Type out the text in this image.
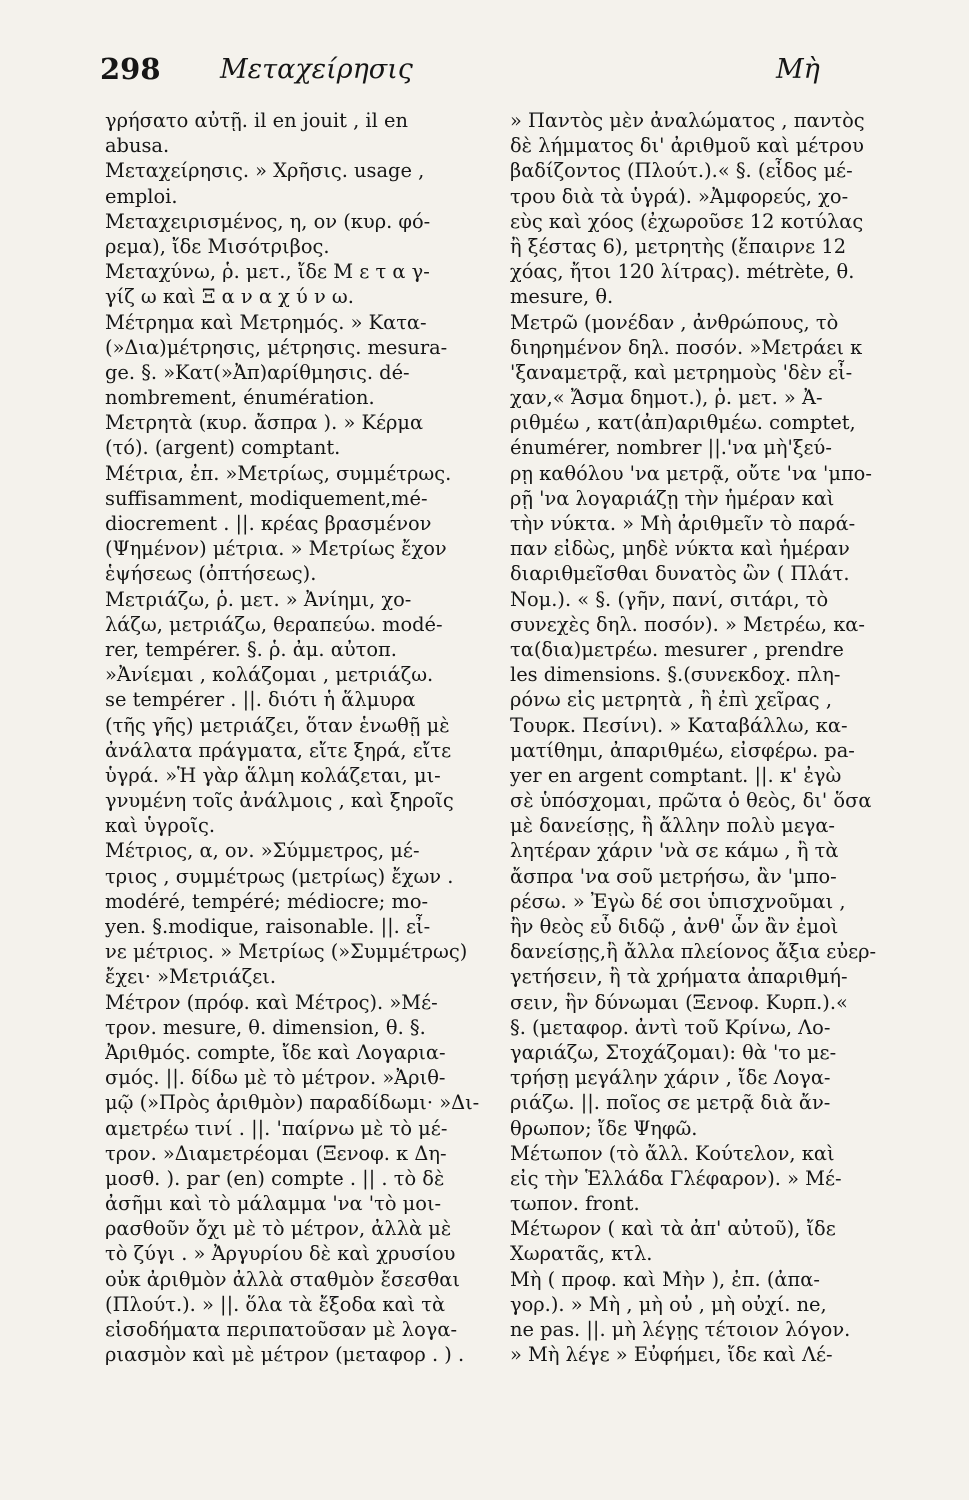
298 Μεταχείρησις	Μὴ
γρήσατο αὐτῇ. il en jouit , il en
abusa.
Μεταχείρησις. » Χρῆσις. usage ,
emploi.
Μεταχειρισμένος, η, ον (κυρ. φό-
ρεμα), ἴδε Μισότριβος.
Μεταχύνω, ῥ. μετ., ἴδε Μ ε τ α γ-
γίζ ω καὶ Ξ α ν α χ ύ ν ω.
Μέτρημα καὶ Μετρημός. » Κατα-
(»Δια)μέτρησις, μέτρησις. mesura-
ge. §. »Κατ(»Ἀπ)αρίθμησις. dé-
nombrement, énumération.
Μετρητὰ (κυρ. ἄσπρα ). » Κέρμα
(τό). (argent) comptant.
Μέτρια, ἐπ. »Μετρίως, συμμέτρως.
suffisamment, modiquement,mé-
diocrement . ||. κρέας βρασμένον
(Ψημένον) μέτρια. » Μετρίως ἔχον
ἑψήσεως (ὀπτήσεως).
Μετριάζω, ῥ. μετ. » Ἀνίημι, χο-
λάζω, μετριάζω, θεραπεύω. modé-
rer, tempérer. §. ῥ. ἀμ. αὐτοπ.
»Ἀνίεμαι , κολάζομαι , μετριάζω.
se tempérer . ||. διότι ἡ ἅλμυρα
(τῆς γῆς) μετριάζει, ὅταν ἑνωθῇ μὲ
ἀνάλατα πράγματα, εἴτε ξηρά, εἴτε
ὑγρά. »Ἡ γὰρ ἅλμη κολάζεται, μι-
γνυμένη τοῖς ἀνάλμοις , καὶ ξηροῖς
καὶ ὑγροῖς.
Μέτριος, α, ον. »Σύμμετρος, μέ-
τριος , συμμέτρως (μετρίως) ἔχων .
modéré, tempéré; médiocre; mo-
yen. §.modique, raisonable. ||. εἶ-
νε μέτριος. » Μετρίως (»Συμμέτρως)
ἔχει· »Μετριάζει.
Μέτρον (πρόφ. καὶ Μέτρος). »Μέ-
τρον. mesure, θ. dimension, θ. §.
Ἀριθμός. compte, ἴδε καὶ Λογαρια-
σμός. ||. δίδω μὲ τὸ μέτρον. »Ἀριθ-
μῷ (»Πρὸς ἀριθμὸν) παραδίδωμι· »Δι-
αμετρέω τινί . ||. 'παίρνω μὲ τὸ μέ-
τρον. »Διαμετρέομαι (Ξενοφ. κ Δη-
μοσθ. ). par (en) compte . || . τὸ δὲ
ἀσῆμι καὶ τὸ μάλαμμα 'να 'τὸ μοι-
ρασθοῦν ὄχι μὲ τὸ μέτρον, ἀλλὰ μὲ
τὸ ζύγι . » Ἀργυρίου δὲ καὶ χρυσίου
οὐκ ἀριθμὸν ἀλλὰ σταθμὸν ἔσεσθαι
(Πλούτ.). » ||. ὅλα τὰ ἔξοδα καὶ τὰ
εἰσοδήματα περιπατοῦσαν μὲ λογα-
ριασμὸν καὶ μὲ μέτρον (μεταφορ . ) .
» Παντὸς μὲν ἀναλώματος , παντὸς
δὲ λήμματος δι' ἀριθμοῦ καὶ μέτρου
βαδίζοντος (Πλούτ.).« §. (εἶδος μέ-
τρου διὰ τὰ ὑγρά). »Ἀμφορεύς, χο-
εὺς καὶ χόος (ἐχωροῦσε 12 κοτύλας
ἢ ξέστας 6), μετρητὴς (ἔπαιρνε 12
χόας, ἤτοι 120 λίτρας). métrète, θ.
mesure, θ.
Μετρῶ (μονέδαν , ἀνθρώπους, τὸ
διηρημένον δηλ. ποσόν. »Μετράει κ
'ξαναμετρᾷ, καὶ μετρημοὺς 'δὲν εἶ-
χαν,« Ἄσμα δημοτ.), ῥ. μετ. » Ἀ-
ριθμέω , κατ(ἀπ)αριθμέω. comptet,
énumérer, nombrer ||.'να μὴ'ξεύ-
ρῃ καθόλου 'να μετρᾷ, οὔτε 'να 'μπο-
ρῇ 'να λογαριάζῃ τὴν ἡμέραν καὶ
τὴν νύκτα. » Μὴ ἀριθμεῖν τὸ παρά-
παν εἰδὼς, μηδὲ νύκτα καὶ ἡμέραν
διαριθμεῖσθαι δυνατὸς ὢν ( Πλάτ.
Νομ.). « §. (γῆν, πανί, σιτάρι, τὸ
συνεχὲς δηλ. ποσόν). » Μετρέω, κα-
τα(δια)μετρέω. mesurer , prendre
les dimensions. §.(συνεκδοχ. πλη-
ρόνω εἰς μετρητὰ , ἢ ἐπὶ χεῖρας ,
Τουρκ. Πεσίνι). » Καταβάλλω, κα-
ματίθημι, ἀπαριθμέω, εἰσφέρω. pa-
yer en argent comptant. ||. κ' ἐγὼ
σὲ ὑπόσχομαι, πρῶτα ὁ θεὸς, δι' ὅσα
μὲ δανείσῃς, ἢ ἄλλην πολὺ μεγα-
λητέραν χάριν 'νὰ σε κάμω , ἢ τὰ
ἄσπρα 'να σοῦ μετρήσω, ἂν 'μπο-
ρέσω. » Ἐγὼ δέ σοι ὑπισχνοῦμαι ,
ἢν θεὸς εὖ διδῷ , ἀνθ' ὧν ἂν ἐμοὶ
δανείσῃς,ἢ ἄλλα πλείονος ἄξια εὐερ-
γετήσειν, ἢ τὰ χρήματα ἀπαριθμή-
σειν, ἣν δύνωμαι (Ξενοφ. Κυρπ.).«
§. (μεταφορ. ἀντὶ τοῦ Κρίνω, Λο-
γαριάζω, Στοχάζομαι): θὰ 'το με-
τρήσῃ μεγάλην χάριν , ἴδε Λογα-
ριάζω. ||. ποῖος σε μετρᾷ διὰ ἄν-
θρωπον; ἴδε Ψηφῶ.
Μέτωπον (τὸ ἄλλ. Κούτελον, καὶ
εἰς τὴν Ἑλλάδα Γλέφαρον). » Μέ-
τωπον. front.
Μέτωρον ( καὶ τὰ ἀπ' αὐτοῦ), ἴδε
Χωρατᾶς, κτλ.
Μὴ ( προφ. καὶ Μὴν ), ἐπ. (ἀπα-
γορ.). » Μὴ , μὴ οὐ , μὴ οὐχί. ne,
ne pas. ||. μὴ λέγῃς τέτοιον λόγον.
» Μὴ λέγε » Εὐφήμει, ἴδε καὶ Λέ-
